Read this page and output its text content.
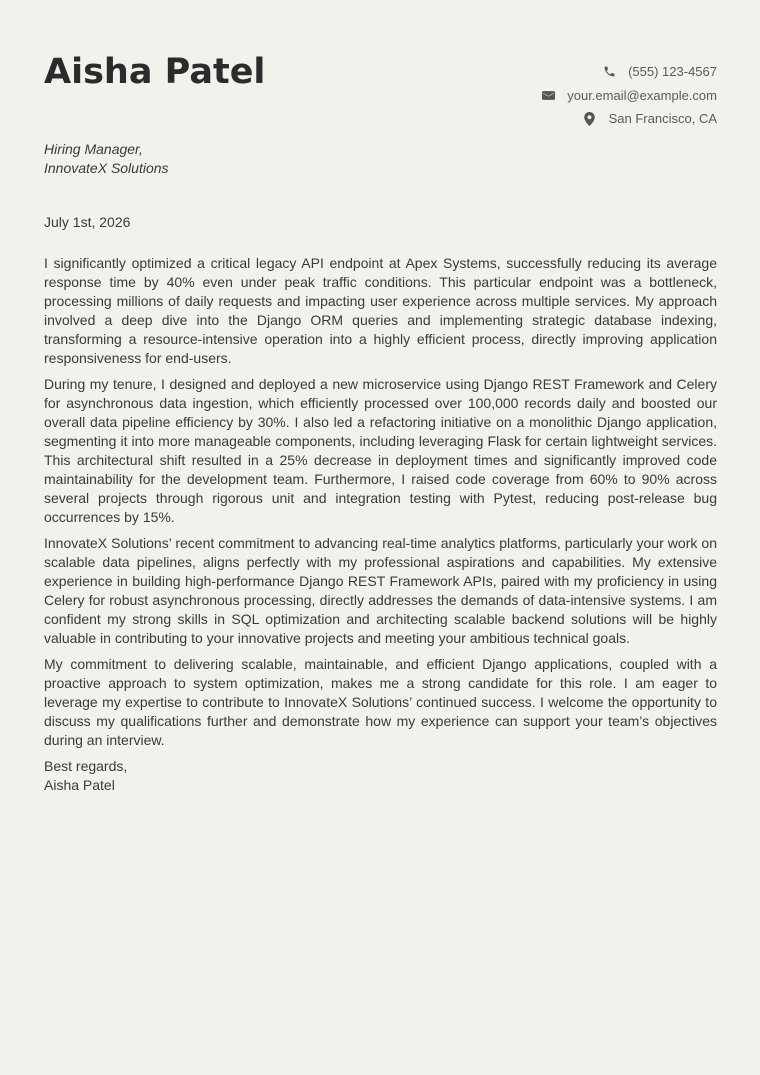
Aisha Patel	(555) 123-4567
your.email@example.com
San Francisco, CA
Hiring Manager,
InnovateX Solutions
July 1st, 2026

I significantly optimized a critical legacy API endpoint at Apex Systems, successfully reducing its average response time by 40% even under peak traffic conditions. This particular endpoint was a bottleneck, processing millions of daily requests and impacting user experience across multiple services. My approach involved a deep dive into the Django ORM queries and implementing strategic database indexing, transforming a resource-intensive operation into a highly efficient process, directly improving application responsiveness for end-users.

During my tenure, I designed and deployed a new microservice using Django REST Framework and Celery for asynchronous data ingestion, which efficiently processed over 100,000 records daily and boosted our overall data pipeline efficiency by 30%. I also led a refactoring initiative on a monolithic Django application, segmenting it into more manageable components, including leveraging Flask for certain lightweight services. This architectural shift resulted in a 25% decrease in deployment times and significantly improved code maintainability for the development team. Furthermore, I raised code coverage from 60% to 90% across several projects through rigorous unit and integration testing with Pytest, reducing post-release bug occurrences by 15%.

InnovateX Solutions’ recent commitment to advancing real-time analytics platforms, particularly your work on scalable data pipelines, aligns perfectly with my professional aspirations and capabilities. My extensive experience in building high-performance Django REST Framework APIs, paired with my proficiency in using Celery for robust asynchronous processing, directly addresses the demands of data-intensive systems. I am confident my strong skills in SQL optimization and architecting scalable backend solutions will be highly valuable in contributing to your innovative projects and meeting your ambitious technical goals.

My commitment to delivering scalable, maintainable, and efficient Django applications, coupled with a proactive approach to system optimization, makes me a strong candidate for this role. I am eager to leverage my expertise to contribute to InnovateX Solutions’ continued success. I welcome the opportunity to discuss my qualifications further and demonstrate how my experience can support your team’s objectives during an interview.

Best regards,

Aisha Patel
